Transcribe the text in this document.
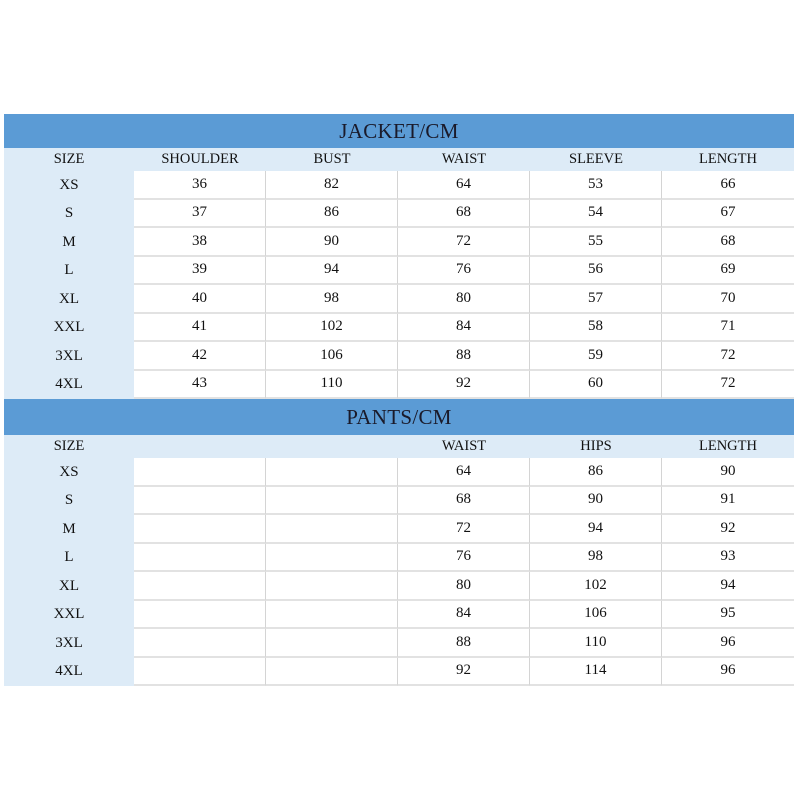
JACKET/CM
SIZE	SHOULDER	BUST	WAIST	SLEEVE	LENGTH
XS	36	82	64	53	66
S	37	86	68	54	67
M	38	90	72	55	68
L	39	94	76	56	69
XL	40	98	80	57	70
XXL	41	102	84	58	71
3XL	42	106	88	59	72
4XL	43	110	92	60	72
PANTS/CM
SIZE	WAIST	HIPS	LENGTH
XS	64	86	90
S	68	90	91
M	72	94	92
L	76	98	93
XL	80	102	94
XXL	84	106	95
3XL	88	110	96
4XL	92	114	96
